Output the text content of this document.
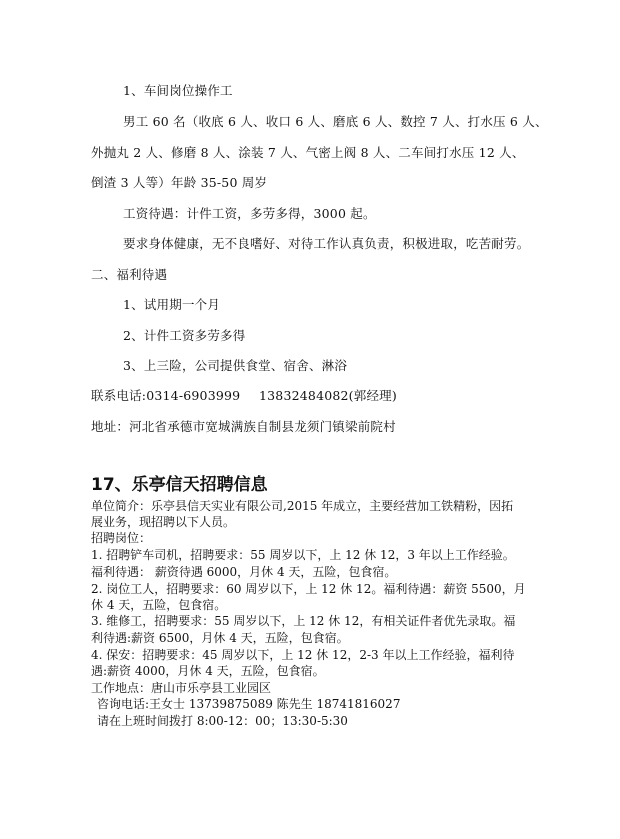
1、车间岗位操作工
男工 60 名（收底 6 人、收口 6 人、磨底 6 人、数控 7 人、打水压 6 人、
外抛丸 2 人、修磨 8 人、涂装 7 人、气密上阀 8 人、二车间打水压 12 人、
倒渣 3 人等）年龄 35-50 周岁
工资待遇：计件工资，多劳多得，3000 起。
要求身体健康，无不良嗜好、对待工作认真负责，积极进取，吃苦耐劳。
二、福利待遇
1、试用期一个月
2、计件工资多劳多得
3、上三险，公司提供食堂、宿舍、淋浴
联系电话:0314-6903999 13832484082(郭经理)
地址：河北省承德市宽城满族自制县龙须门镇梁前院村
17、乐亭信天招聘信息
单位简介：乐亭县信天实业有限公司,2015 年成立，主要经营加工铁精粉，因拓
展业务，现招聘以下人员。
招聘岗位：
1. 招聘铲车司机，招聘要求：55 周岁以下，上 12 休 12，3 年以上工作经验。
福利待遇： 薪资待遇 6000，月休 4 天，五险，包食宿。
2. 岗位工人，招聘要求：60 周岁以下，上 12 休 12。福利待遇：薪资 5500，月
休 4 天，五险，包食宿。
3. 维修工，招聘要求：55 周岁以下，上 12 休 12，有相关证件者优先录取。福
利待遇:薪资 6500，月休 4 天，五险，包食宿。
4. 保安：招聘要求：45 周岁以下，上 12 休 12，2-3 年以上工作经验，福利待
遇:薪资 4000，月休 4 天，五险，包食宿。
工作地点：唐山市乐亭县工业园区
咨询电话:王女士 13739875089 陈先生 18741816027
请在上班时间拨打 8:00-12：00；13:30-5:30
